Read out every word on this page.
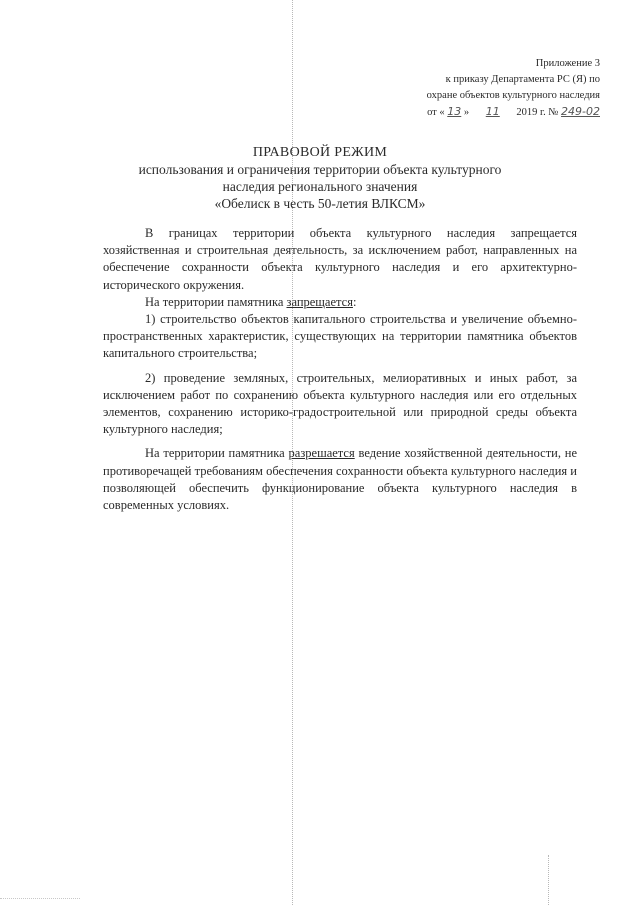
Приложение 3
к приказу Департамента РС (Я) по
охране объектов культурного наследия
от « 13 » 11 2019 г. № 249-02
ПРАВОВОЙ РЕЖИМ
использования и ограничения территории объекта культурного
наследия регионального значения
«Обелиск в честь 50-летия ВЛКСМ»

В границах территории объекта культурного наследия запрещается хозяйственная и строительная деятельность, за исключением работ, направленных на обеспечение сохранности объекта культурного наследия и его архитектурно-исторического окружения.

На территории памятника запрещается:

1) строительство объектов капитального строительства и увеличение объемно- пространственных характеристик, существующих на территории памятника объектов капитального строительства;

2) проведение земляных, строительных, мелиоративных и иных работ, за исключением работ по сохранению объекта культурного наследия или его отдельных элементов, сохранению историко-градостроительной или природной среды объекта культурного наследия;

На территории памятника разрешается ведение хозяйственной деятельности, не противоречащей требованиям обеспечения сохранности объекта культурного наследия и позволяющей обеспечить функционирование объекта культурного наследия в современных условиях.
